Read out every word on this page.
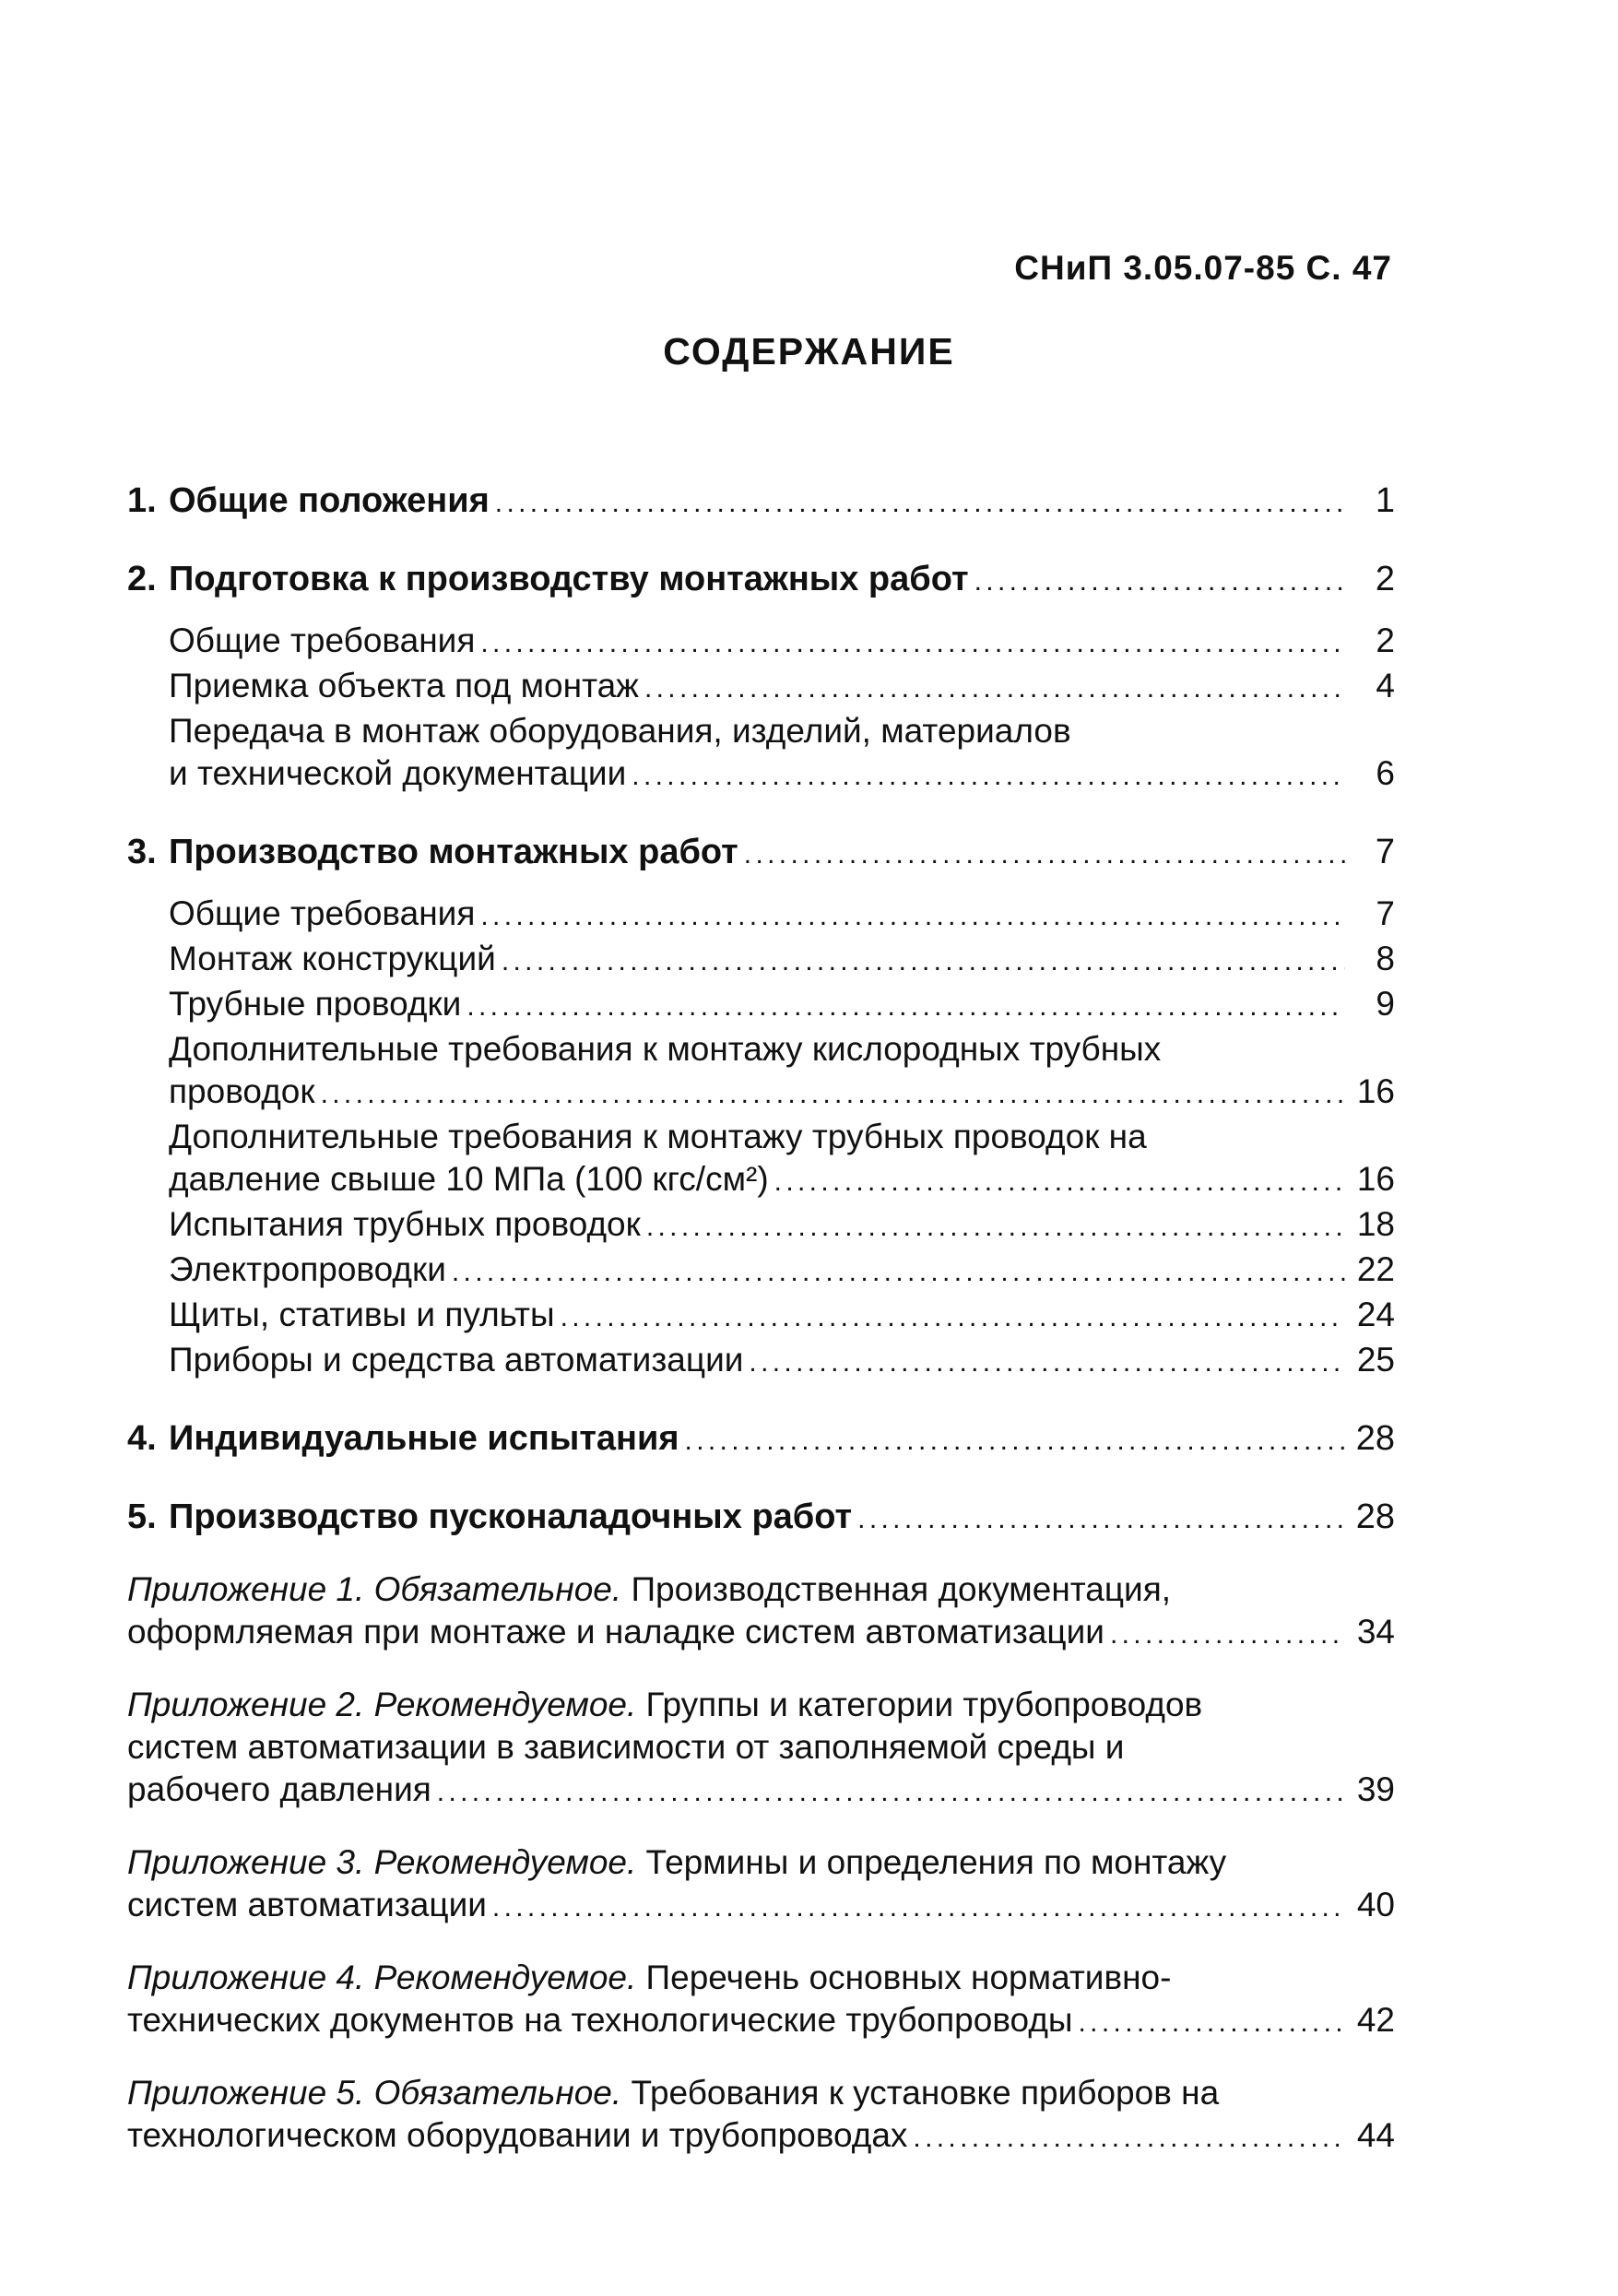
СНиП 3.05.07-85 С. 47
СОДЕРЖАНИЕ
1. Общие положения . . .	1
2. Подготовка к производству монтажных работ . . .	2
Общие требования . . .	2
Приемка объекта под монтаж . . .	4
Передача в монтаж оборудования, изделий, материалов
и технической документации . . .	6
3. Производство монтажных работ . . .	7
Общие требования . . .	7
Монтаж конструкций . . .	8
Трубные проводки . . .	9
Дополнительные требования к монтажу кислородных трубных
проводок . . .	16
Дополнительные требования к монтажу трубных проводок на
давление свыше 10 МПа (100 кгс/см²) . . .	16
Испытания трубных проводок . . .	18
Электропроводки . . .	22
Щиты, стативы и пульты . . .	24
Приборы и средства автоматизации . . .	25
4. Индивидуальные испытания . . .	28
5. Производство пусконаладочных работ . . .	28
Приложение 1. Обязательное. Производственная документация,
оформляемая при монтаже и наладке систем автоматизации . . .	34
Приложение 2. Рекомендуемое. Группы и категории трубопроводов
систем автоматизации в зависимости от заполняемой среды и
рабочего давления . . .	39
Приложение 3. Рекомендуемое. Термины и определения по монтажу
систем автоматизации . . .	40
Приложение 4. Рекомендуемое. Перечень основных нормативно-
технических документов на технологические трубопроводы . . .	42
Приложение 5. Обязательное. Требования к установке приборов на
технологическом оборудовании и трубопроводах . . .	44
